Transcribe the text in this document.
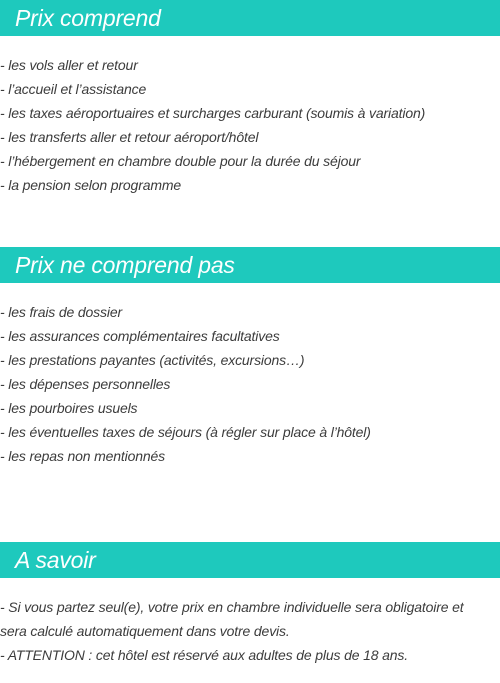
Prix comprend
- les vols aller et retour
- l’accueil et l’assistance
- les taxes aéroportuaires et surcharges carburant (soumis à variation)
- les transferts aller et retour aéroport/hôtel
- l’hébergement en chambre double pour la durée du séjour
- la pension selon programme
Prix ne comprend pas
- les frais de dossier
- les assurances complémentaires facultatives
- les prestations payantes (activités, excursions…)
- les dépenses personnelles
- les pourboires usuels
- les éventuelles taxes de séjours (à régler sur place à l’hôtel)
- les repas non mentionnés
A savoir
- Si vous partez seul(e), votre prix en chambre individuelle sera obligatoire et sera calculé automatiquement dans votre devis.
- ATTENTION : cet hôtel est réservé aux adultes de plus de 18 ans.
